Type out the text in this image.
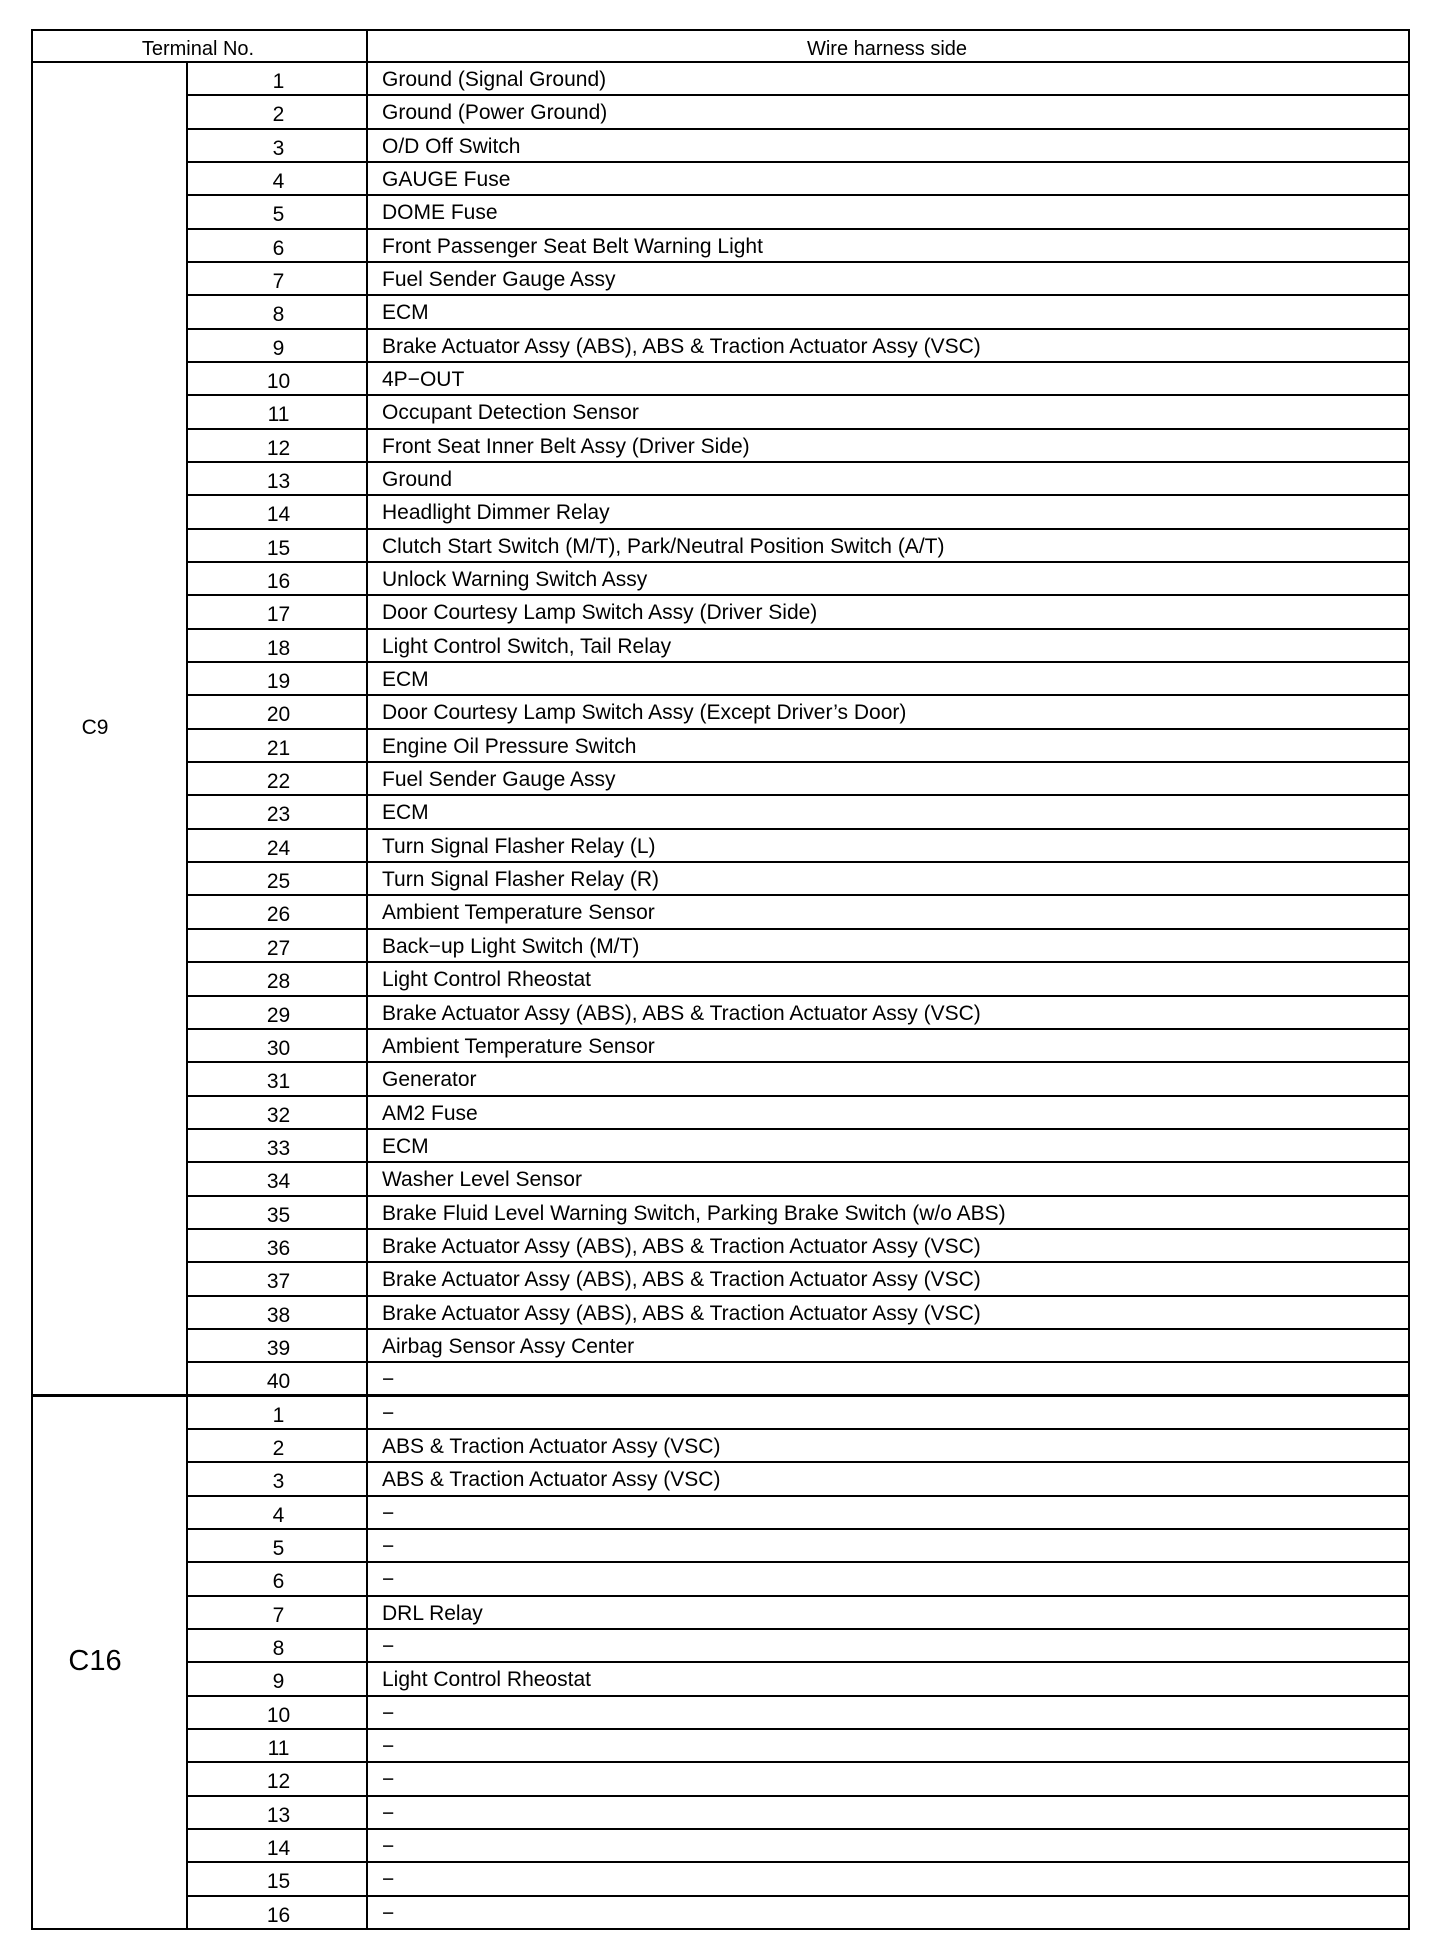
Terminal No.	Wire harness side
C9
1	Ground (Signal Ground)
2	Ground (Power Ground)
3	O/D Off Switch
4	GAUGE Fuse
5	DOME Fuse
6	Front Passenger Seat Belt Warning Light
7	Fuel Sender Gauge Assy
8	ECM
9	Brake Actuator Assy (ABS), ABS & Traction Actuator Assy (VSC)
10	4P−OUT
11	Occupant Detection Sensor
12	Front Seat Inner Belt Assy (Driver Side)
13	Ground
14	Headlight Dimmer Relay
15	Clutch Start Switch (M/T), Park/Neutral Position Switch (A/T)
16	Unlock Warning Switch Assy
17	Door Courtesy Lamp Switch Assy (Driver Side)
18	Light Control Switch, Tail Relay
19	ECM
20	Door Courtesy Lamp Switch Assy (Except Driver’s Door)
21	Engine Oil Pressure Switch
22	Fuel Sender Gauge Assy
23	ECM
24	Turn Signal Flasher Relay (L)
25	Turn Signal Flasher Relay (R)
26	Ambient Temperature Sensor
27	Back−up Light Switch (M/T)
28	Light Control Rheostat
29	Brake Actuator Assy (ABS), ABS & Traction Actuator Assy (VSC)
30	Ambient Temperature Sensor
31	Generator
32	AM2 Fuse
33	ECM
34	Washer Level Sensor
35	Brake Fluid Level Warning Switch, Parking Brake Switch (w/o ABS)
36	Brake Actuator Assy (ABS), ABS & Traction Actuator Assy (VSC)
37	Brake Actuator Assy (ABS), ABS & Traction Actuator Assy (VSC)
38	Brake Actuator Assy (ABS), ABS & Traction Actuator Assy (VSC)
39	Airbag Sensor Assy Center
40	−
C16
1	−
2	ABS & Traction Actuator Assy (VSC)
3	ABS & Traction Actuator Assy (VSC)
4	−
5	−
6	−
7	DRL Relay
8	−
9	Light Control Rheostat
10	−
11	−
12	−
13	−
14	−
15	−
16	−
